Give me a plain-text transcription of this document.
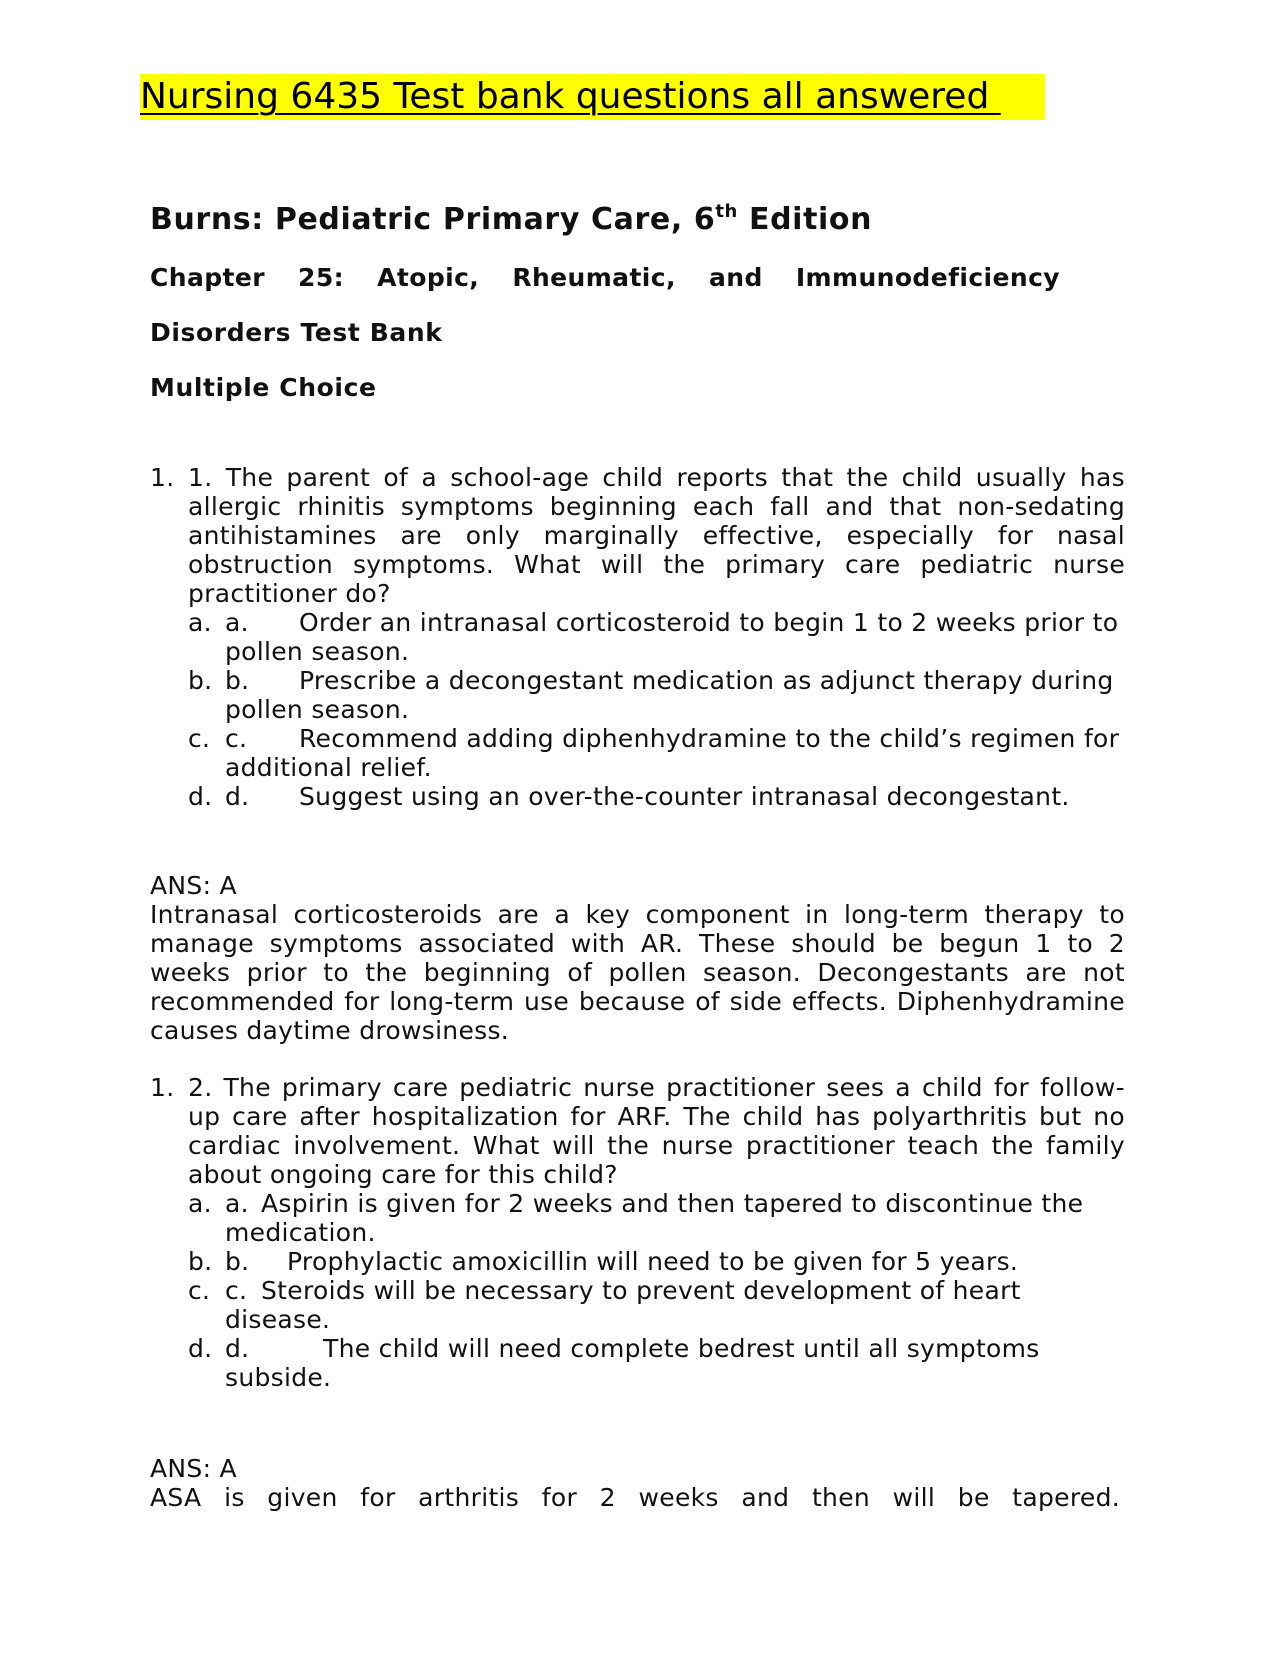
Nursing 6435 Test bank questions all answered
Burns: Pediatric Primary Care, 6th Edition
Chapter 25: Atopic, Rheumatic, and Immunodeficiency
Disorders Test Bank
Multiple Choice
1. 1. The parent of a school-age child reports that the child usually has allergic rhinitis symptoms beginning each fall and that non-sedating antihistamines are only marginally effective, especially for nasal obstruction symptoms. What will the primary care pediatric nurse practitioner do?
a. a. Order an intranasal corticosteroid to begin 1 to 2 weeks prior to pollen season.
b. b. Prescribe a decongestant medication as adjunct therapy during pollen season.
c. c. Recommend adding diphenhydramine to the child’s regimen for additional relief.
d. d. Suggest using an over-the-counter intranasal decongestant.
ANS: A
Intranasal corticosteroids are a key component in long-term therapy to manage symptoms associated with AR. These should be begun 1 to 2 weeks prior to the beginning of pollen season. Decongestants are not recommended for long-term use because of side effects. Diphenhydramine causes daytime drowsiness.
1. 2. The primary care pediatric nurse practitioner sees a child for follow-up care after hospitalization for ARF. The child has polyarthritis but no cardiac involvement. What will the nurse practitioner teach the family about ongoing care for this child?
a. a. Aspirin is given for 2 weeks and then tapered to discontinue the medication.
b. b. Prophylactic amoxicillin will need to be given for 5 years.
c. c. Steroids will be necessary to prevent development of heart disease.
d. d.	The child will need complete bedrest until all symptoms subside.
ANS: A
ASA is given for arthritis for 2 weeks and then will be tapered.
